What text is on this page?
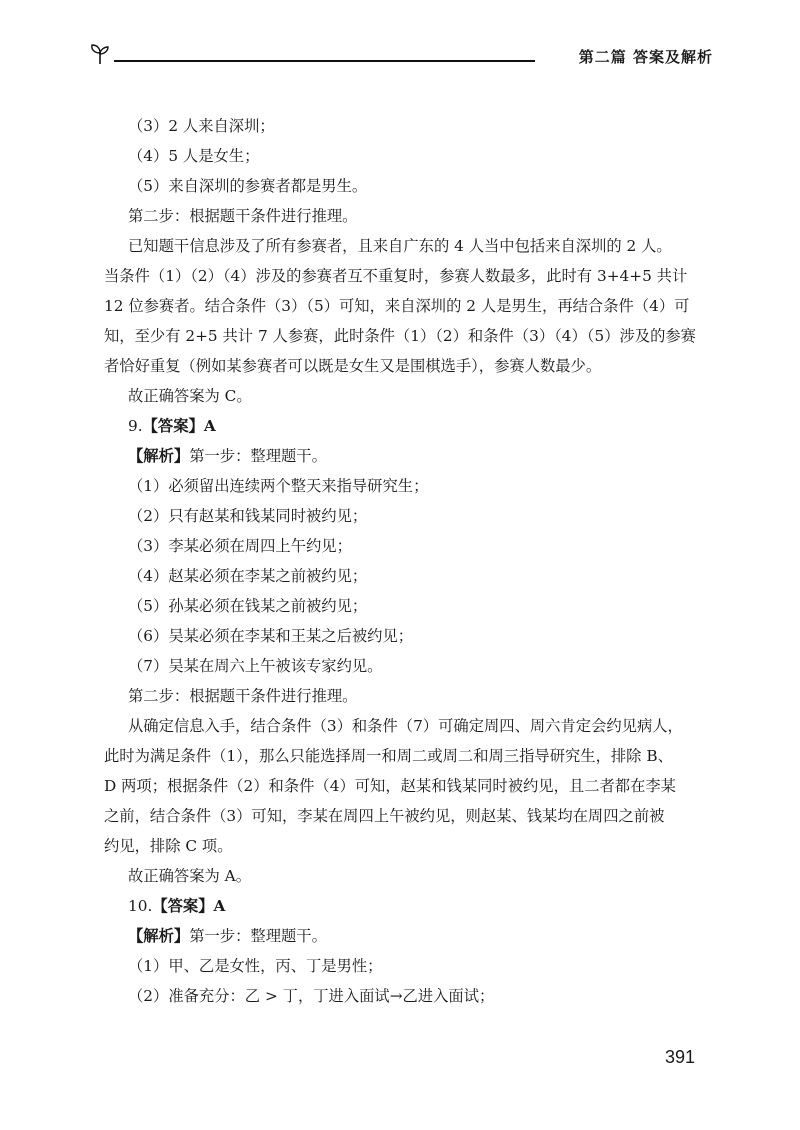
第二篇 答案及解析
（3）2 人来自深圳；
（4）5 人是女生；
（5）来自深圳的参赛者都是男生。
第二步：根据题干条件进行推理。
已知题干信息涉及了所有参赛者，且来自广东的 4 人当中包括来自深圳的 2 人。
当条件（1）（2）（4）涉及的参赛者互不重复时，参赛人数最多，此时有 3+4+5 共计
12 位参赛者。结合条件（3）（5）可知，来自深圳的 2 人是男生，再结合条件（4）可
知，至少有 2+5 共计 7 人参赛，此时条件（1）（2）和条件（3）（4）（5）涉及的参赛
者恰好重复（例如某参赛者可以既是女生又是围棋选手），参赛人数最少。
故正确答案为 C。
9.【答案】A
【解析】第一步：整理题干。
（1）必须留出连续两个整天来指导研究生；
（2）只有赵某和钱某同时被约见；
（3）李某必须在周四上午约见；
（4）赵某必须在李某之前被约见；
（5）孙某必须在钱某之前被约见；
（6）吴某必须在李某和王某之后被约见；
（7）吴某在周六上午被该专家约见。
第二步：根据题干条件进行推理。
从确定信息入手，结合条件（3）和条件（7）可确定周四、周六肯定会约见病人，
此时为满足条件（1），那么只能选择周一和周二或周二和周三指导研究生，排除 B、
D 两项；根据条件（2）和条件（4）可知，赵某和钱某同时被约见，且二者都在李某
之前，结合条件（3）可知，李某在周四上午被约见，则赵某、钱某均在周四之前被
约见，排除 C 项。
故正确答案为 A。
10.【答案】A
【解析】第一步：整理题干。
（1）甲、乙是女性，丙、丁是男性；
（2）准备充分：乙 > 丁，丁进入面试→乙进入面试；
391
